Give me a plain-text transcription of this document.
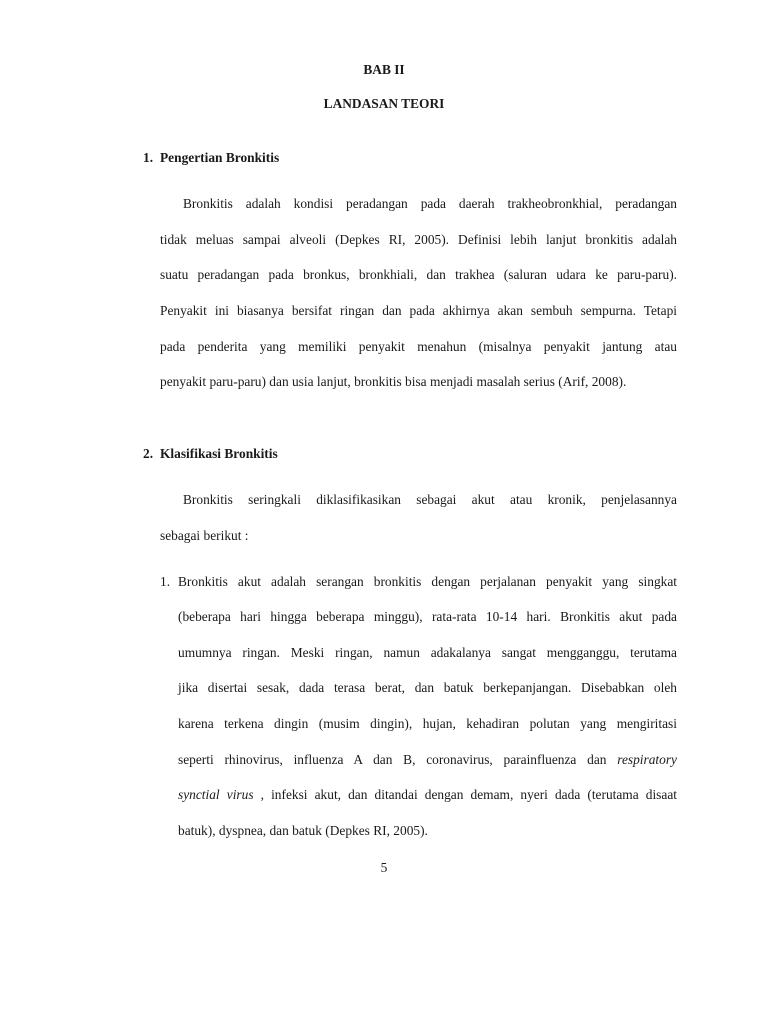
BAB II
LANDASAN TEORI
1. Pengertian Bronkitis
Bronkitis adalah kondisi peradangan pada daerah trakheobronkhial, peradangan
tidak meluas sampai alveoli (Depkes RI, 2005). Definisi lebih lanjut bronkitis adalah
suatu peradangan pada bronkus, bronkhiali, dan trakhea (saluran udara ke paru-paru).
Penyakit ini biasanya bersifat ringan dan pada akhirnya akan sembuh sempurna. Tetapi
pada penderita yang memiliki penyakit menahun (misalnya penyakit jantung atau
penyakit paru-paru) dan usia lanjut, bronkitis bisa menjadi masalah serius (Arif, 2008).
2. Klasifikasi Bronkitis
Bronkitis seringkali diklasifikasikan sebagai akut atau kronik, penjelasannya
sebagai berikut :
1. Bronkitis akut adalah serangan bronkitis dengan perjalanan penyakit yang singkat
(beberapa hari hingga beberapa minggu), rata-rata 10-14 hari. Bronkitis akut pada
umumnya ringan. Meski ringan, namun adakalanya sangat mengganggu, terutama
jika disertai sesak, dada terasa berat, dan batuk berkepanjangan. Disebabkan oleh
karena terkena dingin (musim dingin), hujan, kehadiran polutan yang mengiritasi
seperti rhinovirus, influenza A dan B, coronavirus, parainfluenza dan respiratory
synctial virus , infeksi akut, dan ditandai dengan demam, nyeri dada (terutama disaat
batuk), dyspnea, dan batuk (Depkes RI, 2005).
5
